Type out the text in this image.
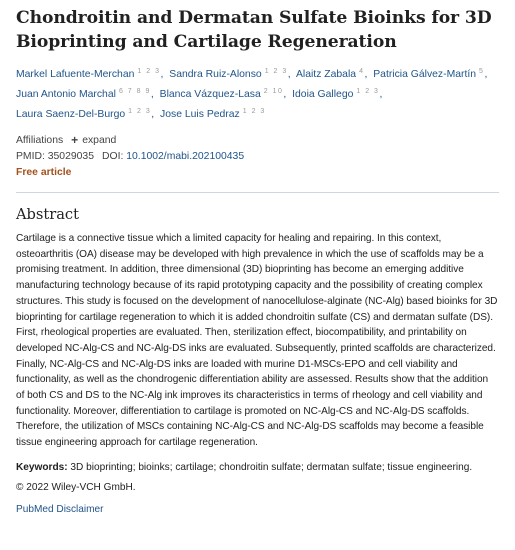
Chondroitin and Dermatan Sulfate Bioinks for 3D Bioprinting and Cartilage Regeneration
Markel Lafuente-Merchan $^{1 2 3}$, Sandra Ruiz-Alonso $^{1 2 3}$, Alaitz Zabala $^4$, Patricia Gálvez-Martín $^5$, Juan Antonio Marchal $^{6 7 8 9}$, Blanca Vázquez-Lasa $^{2 10}$, Idoia Gallego $^{1 2 3}$, Laura Saenz-Del-Burgo $^{1 2 3}$, Jose Luis Pedraz $^{1 2 3}$
Affiliations + expand
PMID: 35029035 DOI: 10.1002/mabi.202100435
Free article
Abstract
Cartilage is a connective tissue which a limited capacity for healing and repairing. In this context, osteoarthritis (OA) disease may be developed with high prevalence in which the use of scaffolds may be a promising treatment. In addition, three dimensional (3D) bioprinting has become an emerging additive manufacturing technology because of its rapid prototyping capacity and the possibility of creating complex structures. This study is focused on the development of nanocellulose-alginate (NC-Alg) based bioinks for 3D bioprinting for cartilage regeneration to which it is added chondroitin sulfate (CS) and dermatan sulfate (DS). First, rheological properties are evaluated. Then, sterilization effect, biocompatibility, and printability on developed NC-Alg-CS and NC-Alg-DS inks are evaluated. Subsequently, printed scaffolds are characterized. Finally, NC-Alg-CS and NC-Alg-DS inks are loaded with murine D1-MSCs-EPO and cell viability and functionality, as well as the chondrogenic differentiation ability are assessed. Results show that the addition of both CS and DS to the NC-Alg ink improves its characteristics in terms of rheology and cell viability and functionality. Moreover, differentiation to cartilage is promoted on NC-Alg-CS and NC-Alg-DS scaffolds. Therefore, the utilization of MSCs containing NC-Alg-CS and NC-Alg-DS scaffolds may become a feasible tissue engineering approach for cartilage regeneration.
Keywords: 3D bioprinting; bioinks; cartilage; chondroitin sulfate; dermatan sulfate; tissue engineering.
© 2022 Wiley-VCH GmbH.
PubMed Disclaimer
